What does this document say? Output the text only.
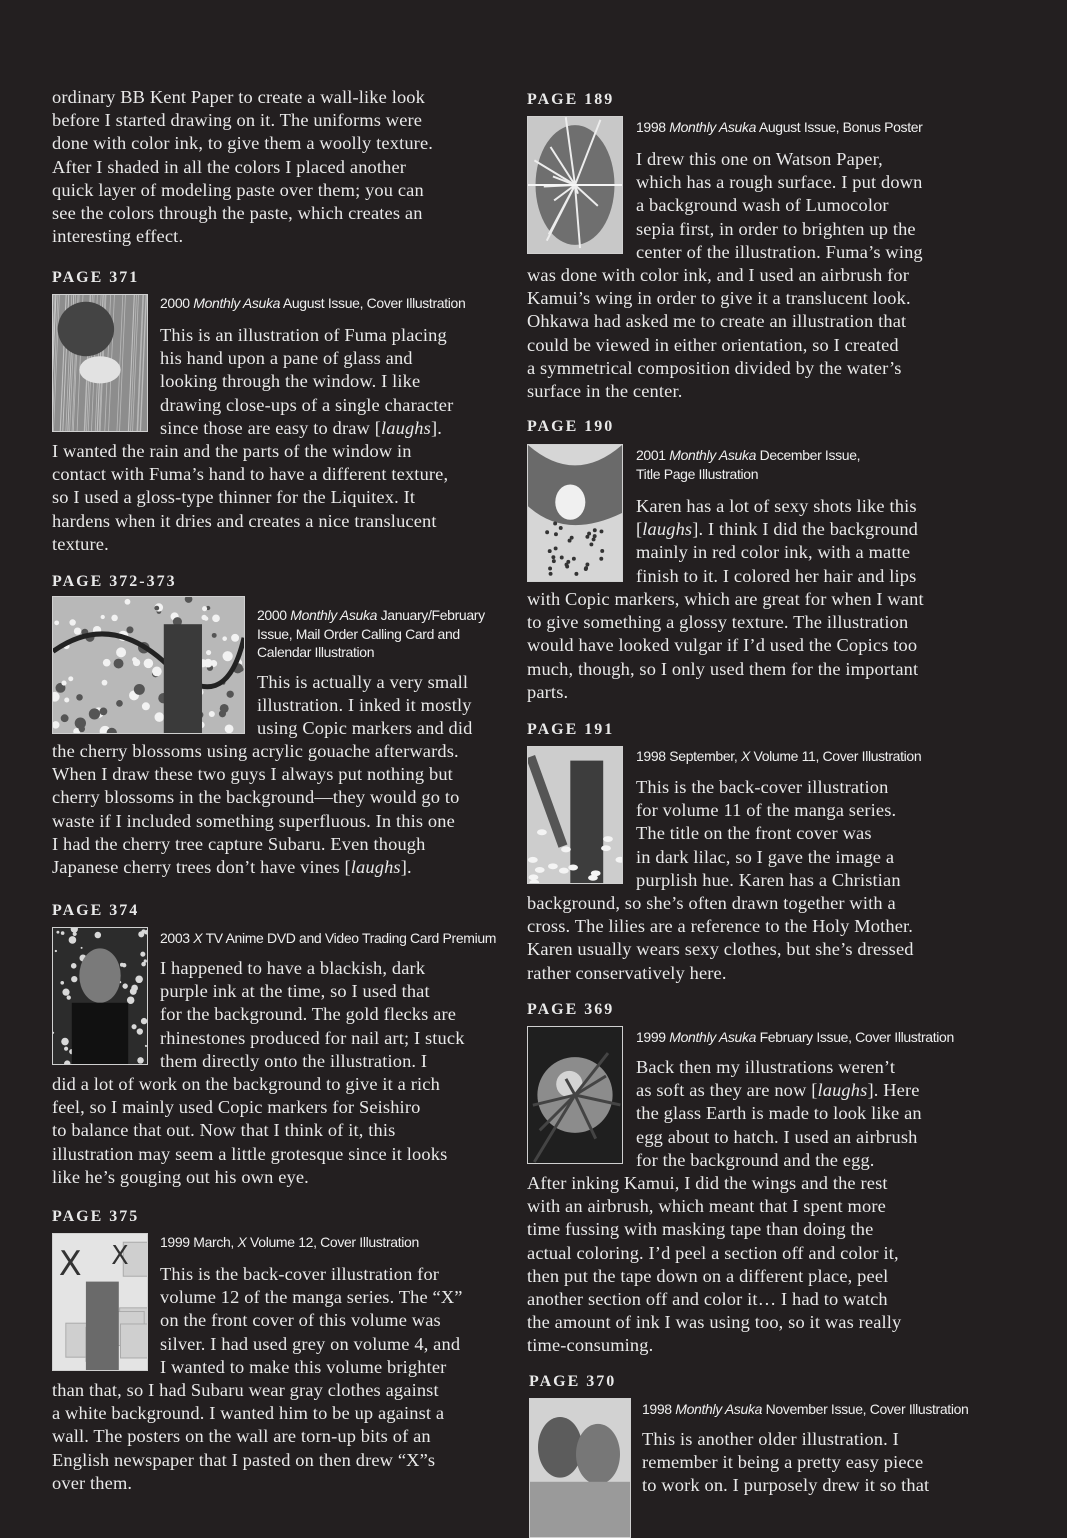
ordinary BB Kent Paper to create a wall-like look
before I started drawing on it. The uniforms were
done with color ink, to give them a woolly texture.
After I shaded in all the colors I placed another
quick layer of modeling paste over them; you can
see the colors through the paste, which creates an
interesting effect.

PAGE 371
2000 Monthly Asuka August Issue, Cover Illustration
This is an illustration of Fuma placing
his hand upon a pane of glass and
looking through the window. I like
drawing close-ups of a single character
since those are easy to draw [laughs].
I wanted the rain and the parts of the window in
contact with Fuma’s hand to have a different texture,
so I used a gloss-type thinner for the Liquitex. It
hardens when it dries and creates a nice translucent
texture.
PAGE 372-373
2000 Monthly Asuka January/February
Issue, Mail Order Calling Card and
Calendar Illustration
This is actually a very small
illustration. I inked it mostly
using Copic markers and did
the cherry blossoms using acrylic gouache afterwards.
When I draw these two guys I always put nothing but
cherry blossoms in the background—they would go to
waste if I included something superfluous. In this one
I had the cherry tree capture Subaru. Even though
Japanese cherry trees don’t have vines [laughs].
PAGE 374
2003 X TV Anime DVD and Video Trading Card Premium
I happened to have a blackish, dark
purple ink at the time, so I used that
for the background. The gold flecks are
rhinestones produced for nail art; I stuck
them directly onto the illustration. I
did a lot of work on the background to give it a rich
feel, so I mainly used Copic markers for Seishiro
to balance that out. Now that I think of it, this
illustration may seem a little grotesque since it looks
like he’s gouging out his own eye.
PAGE 375
X X 1999 March, X Volume 12, Cover Illustration
This is the back-cover illustration for
volume 12 of the manga series. The “X”
on the front cover of this volume was
silver. I had used grey on volume 4, and
I wanted to make this volume brighter
than that, so I had Subaru wear gray clothes against
a white background. I wanted him to be up against a
wall. The posters on the wall are torn-up bits of an
English newspaper that I pasted on then drew “X”s
over them.
PAGE 189
1998 Monthly Asuka August Issue, Bonus Poster
I drew this one on Watson Paper,
which has a rough surface. I put down
a background wash of Lumocolor
sepia first, in order to brighten up the
center of the illustration. Fuma’s wing
was done with color ink, and I used an airbrush for
Kamui’s wing in order to give it a translucent look.
Ohkawa had asked me to create an illustration that
could be viewed in either orientation, so I created
a symmetrical composition divided by the water’s
surface in the center.
PAGE 190
2001 Monthly Asuka December Issue,
Title Page Illustration
Karen has a lot of sexy shots like this
[laughs]. I think I did the background
mainly in red color ink, with a matte
finish to it. I colored her hair and lips
with Copic markers, which are great for when I want
to give something a glossy texture. The illustration
would have looked vulgar if I’d used the Copics too
much, though, so I only used them for the important
parts.
PAGE 191
1998 September, X Volume 11, Cover Illustration
This is the back-cover illustration
for volume 11 of the manga series.
The title on the front cover was
in dark lilac, so I gave the image a
purplish hue. Karen has a Christian
background, so she’s often drawn together with a
cross. The lilies are a reference to the Holy Mother.
Karen usually wears sexy clothes, but she’s dressed
rather conservatively here.
PAGE 369
1999 Monthly Asuka February Issue, Cover Illustration
Back then my illustrations weren’t
as soft as they are now [laughs]. Here
the glass Earth is made to look like an
egg about to hatch. I used an airbrush
for the background and the egg.
After inking Kamui, I did the wings and the rest
with an airbrush, which meant that I spent more
time fussing with masking tape than doing the
actual coloring. I’d peel a section off and color it,
then put the tape down on a different place, peel
another section off and color it… I had to watch
the amount of ink I was using too, so it was really
time-consuming.
PAGE 370
1998 Monthly Asuka November Issue, Cover Illustration
This is another older illustration. I
remember it being a pretty easy piece
to work on. I purposely drew it so that
